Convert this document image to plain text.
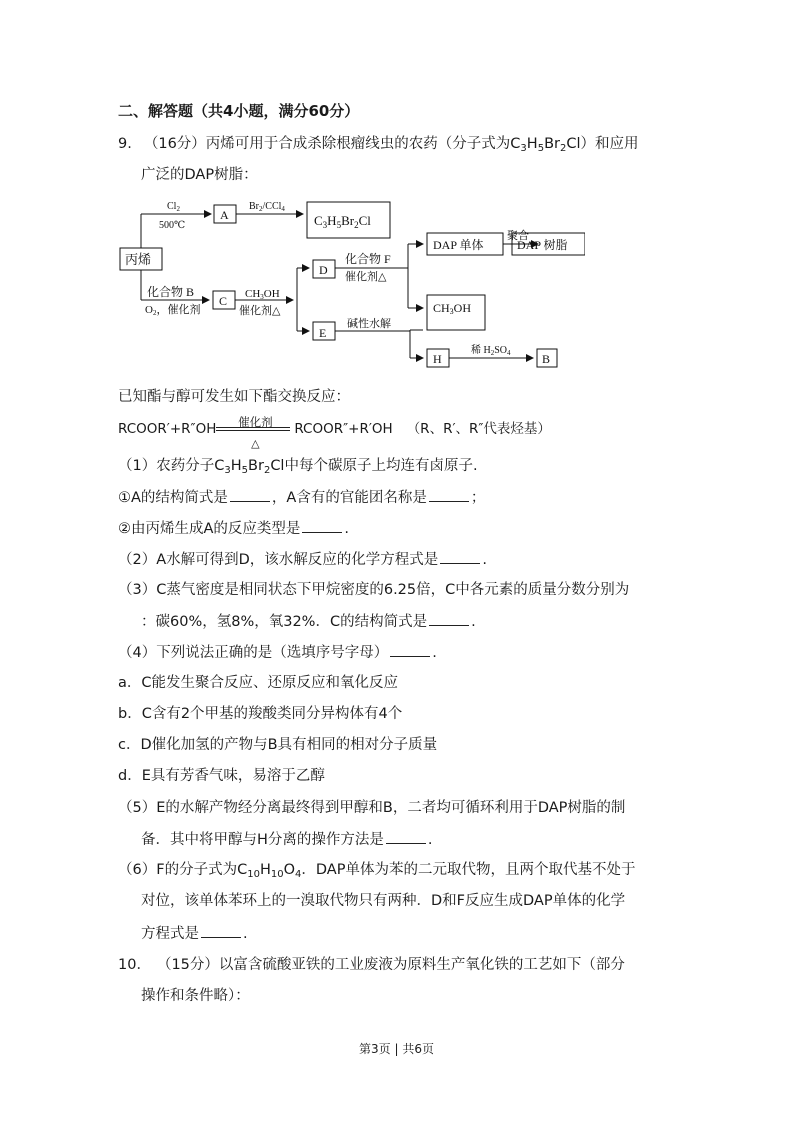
二、解答题（共4小题，满分60分）
9. （16分）丙烯可用于合成杀除根瘤线虫的农药（分子式为$C_3H_5Br_2Cl$）和应用
广泛的DAP树脂：
丙烯
$Cl_2$
500℃
A
$Br_2/CCl_4$
$C_3H_5Br_2Cl$
化合物 B
O2，催化剂
C CH3OH
催化剂△
D
化合物 F
催化剂△
E
碱性水解
DAP 单体
聚合
DAP 树脂
CH3OH
H
稀 $H_2SO_4$	B
已知酯与醇可发生如下酯交换反应：
RCOOR′+R″OH	催化剂
△
RCOOR″+R′OH （R、R′、R″代表烃基）
（1）农药分子$C_3H_5Br_2Cl$中每个碳原子上均连有卤原子.
①A的结构简式是	，A含有的官能团名称是	；
②由丙烯生成A的反应类型是	.
（2）A水解可得到D，该水解反应的化学方程式是	.
（3）C蒸气密度是相同状态下甲烷密度的6.25倍，C中各元素的质量分数分别为
：碳60%，氢8%，氧32%．C的结构简式是	.
（4）下列说法正确的是（选填序号字母）	.
a．C能发生聚合反应、还原反应和氧化反应
b．C含有2个甲基的羧酸类同分异构体有4个
c．D催化加氢的产物与B具有相同的相对分子质量
d．E具有芳香气味，易溶于乙醇
（5）E的水解产物经分离最终得到甲醇和B，二者均可循环利用于DAP树脂的制
备．其中将甲醇与H分离的操作方法是	.
（6）F的分子式为$C_{10}H_{10}O_4$．DAP单体为苯的二元取代物，且两个取代基不处于
对位，该单体苯环上的一溴取代物只有两种．D和F反应生成DAP单体的化学
方程式是	.
10． （15分）以富含硫酸亚铁的工业废液为原料生产氧化铁的工艺如下（部分
操作和条件略）：
第3页 | 共6页
